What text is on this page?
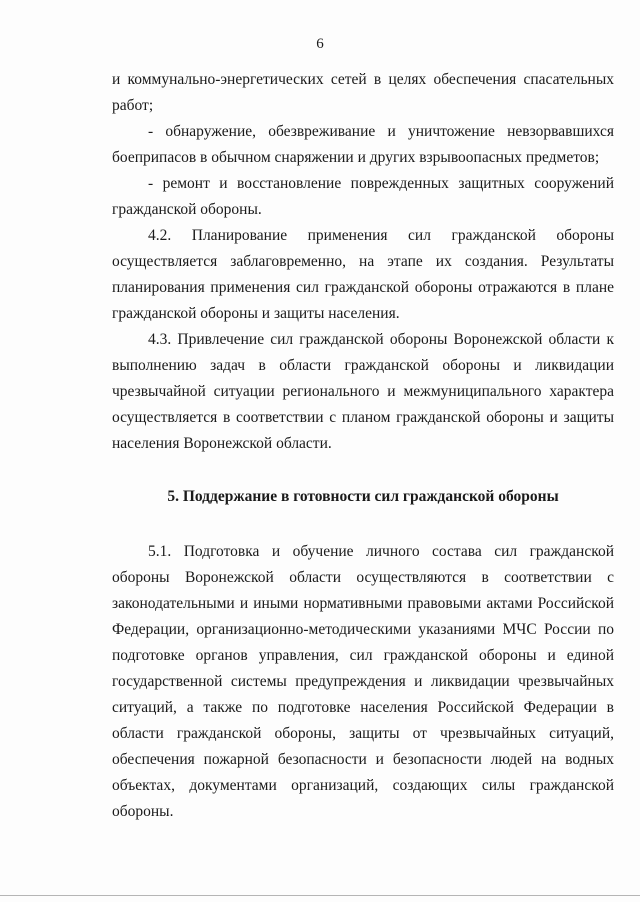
6

и коммунально-энергетических сетей в целях обеспечения спасательных работ;

- обнаружение, обезвреживание и уничтожение невзорвавшихся боеприпасов в обычном снаряжении и других взрывоопасных предметов;

- ремонт и восстановление поврежденных защитных сооружений гражданской обороны.

4.2. Планирование применения сил гражданской обороны осуществляется заблаговременно, на этапе их создания. Результаты планирования применения сил гражданской обороны отражаются в плане гражданской обороны и защиты населения.

4.3. Привлечение сил гражданской обороны Воронежской области к выполнению задач в области гражданской обороны и ликвидации чрезвычайной ситуации регионального и межмуниципального характера осуществляется в соответствии с планом гражданской обороны и защиты населения Воронежской области.

5. Поддержание в готовности сил гражданской обороны

5.1. Подготовка и обучение личного состава сил гражданской обороны Воронежской области осуществляются в соответствии с законодательными и иными нормативными правовыми актами Российской Федерации, организационно-методическими указаниями МЧС России по подготовке органов управления, сил гражданской обороны и единой государственной системы предупреждения и ликвидации чрезвычайных ситуаций, а также по подготовке населения Российской Федерации в области гражданской обороны, защиты от чрезвычайных ситуаций, обеспечения пожарной безопасности и безопасности людей на водных объектах, документами организаций, создающих силы гражданской обороны.
